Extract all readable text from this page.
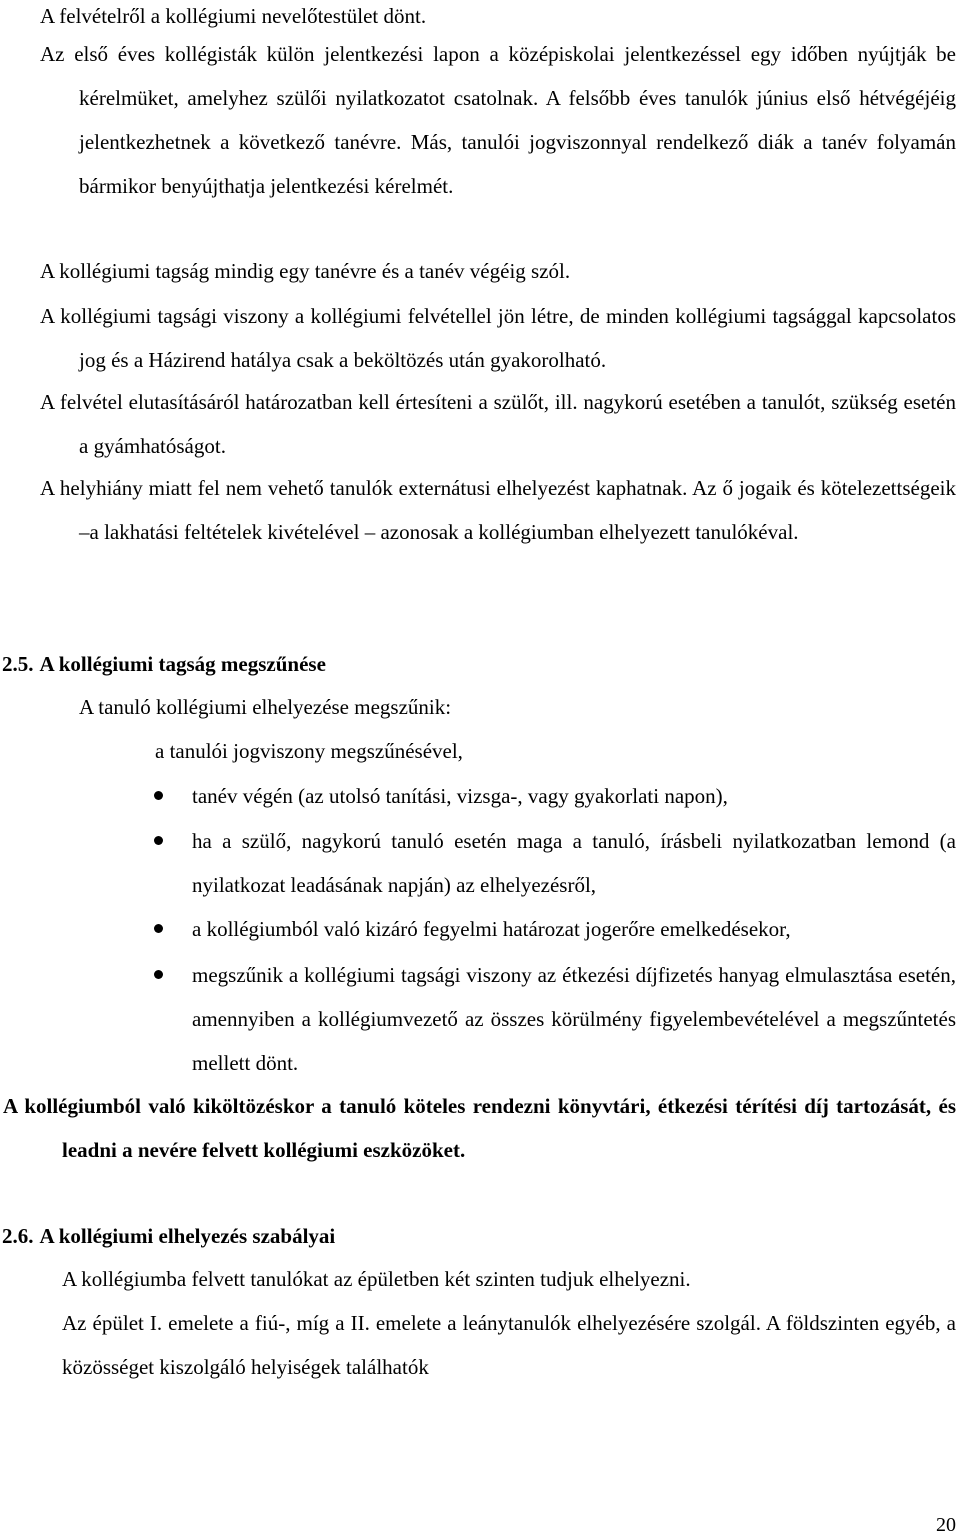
A felvételről a kollégiumi nevelőtestület dönt.

Az első éves kollégisták külön jelentkezési lapon a középiskolai jelentkezéssel egy időben nyújtják be kérelmüket, amelyhez szülői nyilatkozatot csatolnak. A felsőbb éves tanulók június első hétvégéjéig jelentkezhetnek a következő tanévre. Más, tanulói jogviszonnyal rendelkező diák a tanév folyamán bármikor benyújthatja jelentkezési kérelmét.

A kollégiumi tagság mindig egy tanévre és a tanév végéig szól.

A kollégiumi tagsági viszony a kollégiumi felvétellel jön létre, de minden kollégiumi tagsággal kapcsolatos jog és a Házirend hatálya csak a beköltözés után gyakorolható.

A felvétel elutasításáról határozatban kell értesíteni a szülőt, ill. nagykorú esetében a tanulót, szükség esetén a gyámhatóságot.

A helyhiány miatt fel nem vehető tanulók externátusi elhelyezést kaphatnak. Az ő jogaik és kötelezettségeik –a lakhatási feltételek kivételével – azonosak a kollégiumban elhelyezett tanulókéval.

2.5. A kollégiumi tagság megszűnése

A tanuló kollégiumi elhelyezése megszűnik:

a tanulói jogviszony megszűnésével,

tanév végén (az utolsó tanítási, vizsga-, vagy gyakorlati napon),
ha a szülő, nagykorú tanuló esetén maga a tanuló, írásbeli nyilatkozatban lemond (a nyilatkozat leadásának napján) az elhelyezésről,
a kollégiumból való kizáró fegyelmi határozat jogerőre emelkedésekor,
megszűnik a kollégiumi tagsági viszony az étkezési díjfizetés hanyag elmulasztása esetén, amennyiben a kollégiumvezető az összes körülmény figyelembevételével a megszűntetés mellett dönt.

A kollégiumból való kiköltözéskor a tanuló köteles rendezni könyvtári, étkezési térítési díj tartozását, és leadni a nevére felvett kollégiumi eszközöket.

2.6. A kollégiumi elhelyezés szabályai

A kollégiumba felvett tanulókat az épületben két szinten tudjuk elhelyezni.

Az épület I. emelete a fiú-, míg a II. emelete a leánytanulók elhelyezésére szolgál. A földszinten egyéb, a közösséget kiszolgáló helyiségek találhatók

20
